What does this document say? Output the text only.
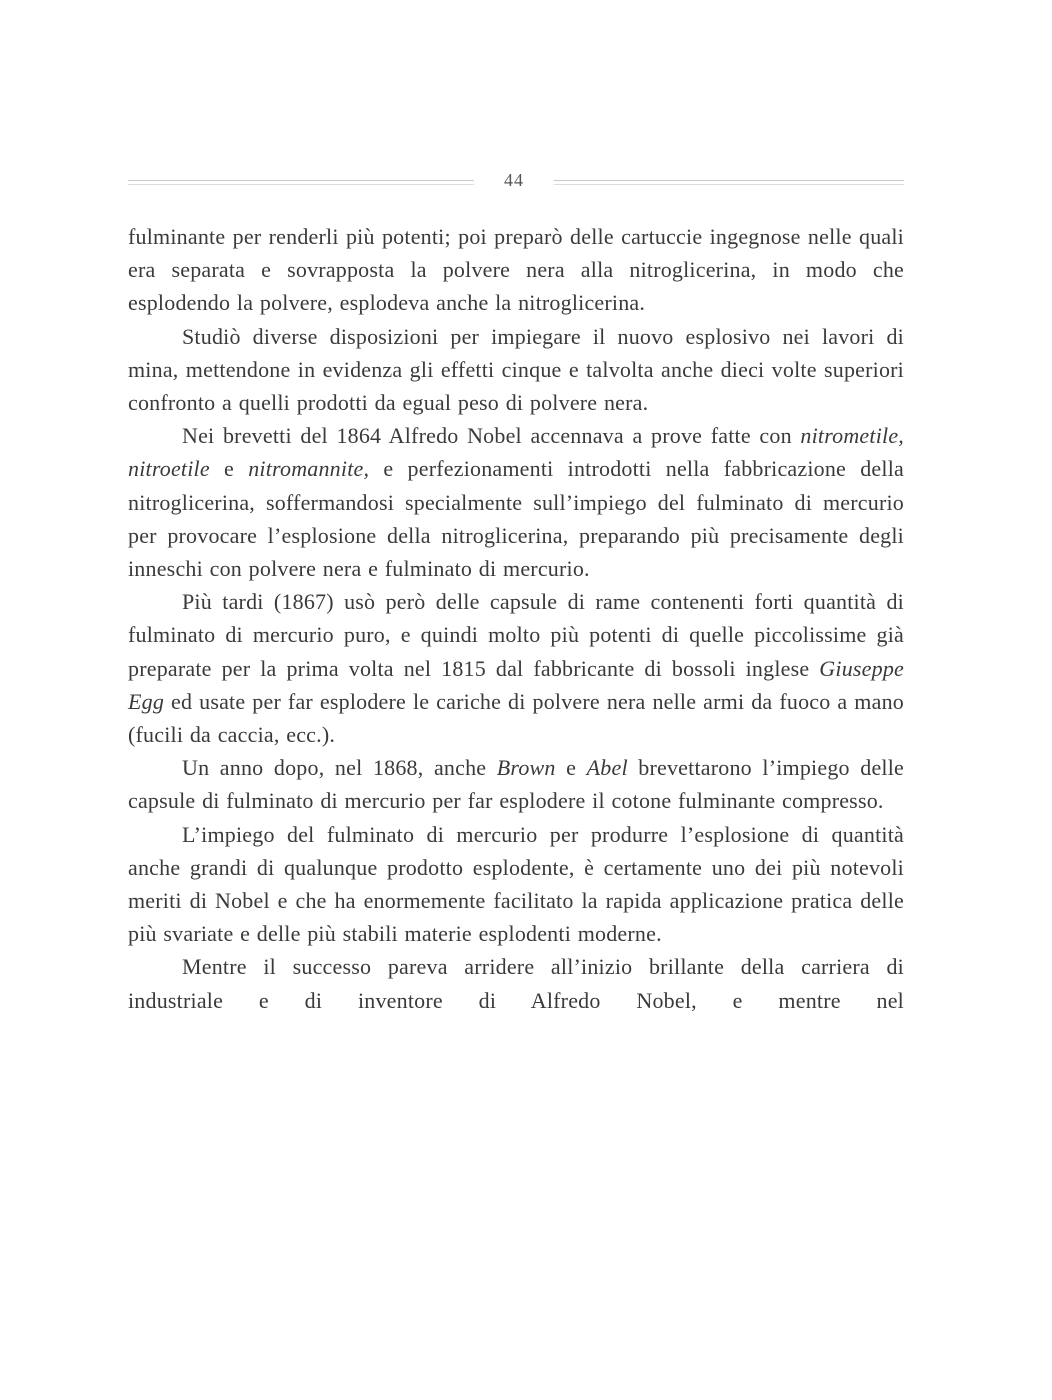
44

fulminante per renderli più potenti; poi preparò delle cartuccie ingegnose nelle quali era separata e sovrapposta la polvere nera alla nitroglicerina, in modo che esplodendo la polvere, esplodeva anche la nitroglicerina.

Studiò diverse disposizioni per impiegare il nuovo esplosivo nei lavori di mina, mettendone in evidenza gli effetti cinque e talvolta anche dieci volte superiori confronto a quelli prodotti da egual peso di polvere nera.

Nei brevetti del 1864 Alfredo Nobel accennava a prove fatte con nitrometile, nitroetile e nitromannite, e perfezionamenti introdotti nella fabbricazione della nitroglicerina, soffermandosi specialmente sull’impiego del fulminato di mercurio per provocare l’esplosione della nitroglicerina, preparando più precisamente degli inneschi con polvere nera e fulminato di mercurio.

Più tardi (1867) usò però delle capsule di rame contenenti forti quantità di fulminato di mercurio puro, e quindi molto più potenti di quelle piccolissime già preparate per la prima volta nel 1815 dal fabbricante di bossoli inglese Giuseppe Egg ed usate per far esplodere le cariche di polvere nera nelle armi da fuoco a mano (fucili da caccia, ecc.).

Un anno dopo, nel 1868, anche Brown e Abel brevettarono l’impiego delle capsule di fulminato di mercurio per far esplodere il cotone fulminante compresso.

L’impiego del fulminato di mercurio per produrre l’esplosione di quantità anche grandi di qualunque prodotto esplodente, è certamente uno dei più notevoli meriti di Nobel e che ha enormemente facilitato la rapida applicazione pratica delle più svariate e delle più stabili materie esplodenti moderne.

Mentre il successo pareva arridere all’inizio brillante della carriera di industriale e di inventore di Alfredo Nobel, e mentre nel
